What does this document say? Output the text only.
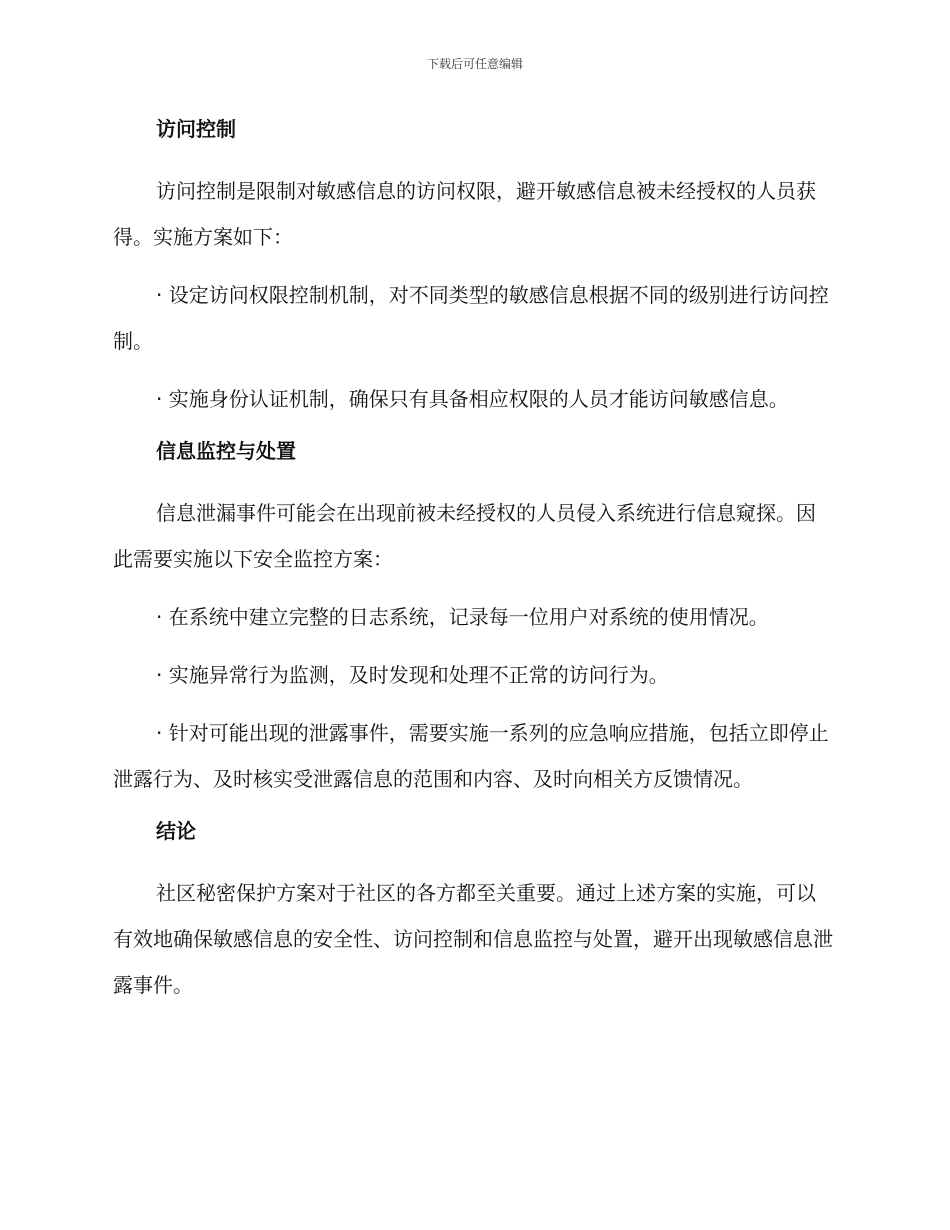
下载后可任意编辑
访问控制

访问控制是限制对敏感信息的访问权限，避开敏感信息被未经授权的人员获得。实施方案如下：

· 设定访问权限控制机制，对不同类型的敏感信息根据不同的级别进行访问控制。

· 实施身份认证机制，确保只有具备相应权限的人员才能访问敏感信息。

信息监控与处置

信息泄漏事件可能会在出现前被未经授权的人员侵入系统进行信息窥探。因此需要实施以下安全监控方案：

· 在系统中建立完整的日志系统，记录每一位用户对系统的使用情况。

· 实施异常行为监测，及时发现和处理不正常的访问行为。

· 针对可能出现的泄露事件，需要实施一系列的应急响应措施，包括立即停止泄露行为、及时核实受泄露信息的范围和内容、及时向相关方反馈情况。

结论

社区秘密保护方案对于社区的各方都至关重要。通过上述方案的实施，可以有效地确保敏感信息的安全性、访问控制和信息监控与处置，避开出现敏感信息泄露事件。
